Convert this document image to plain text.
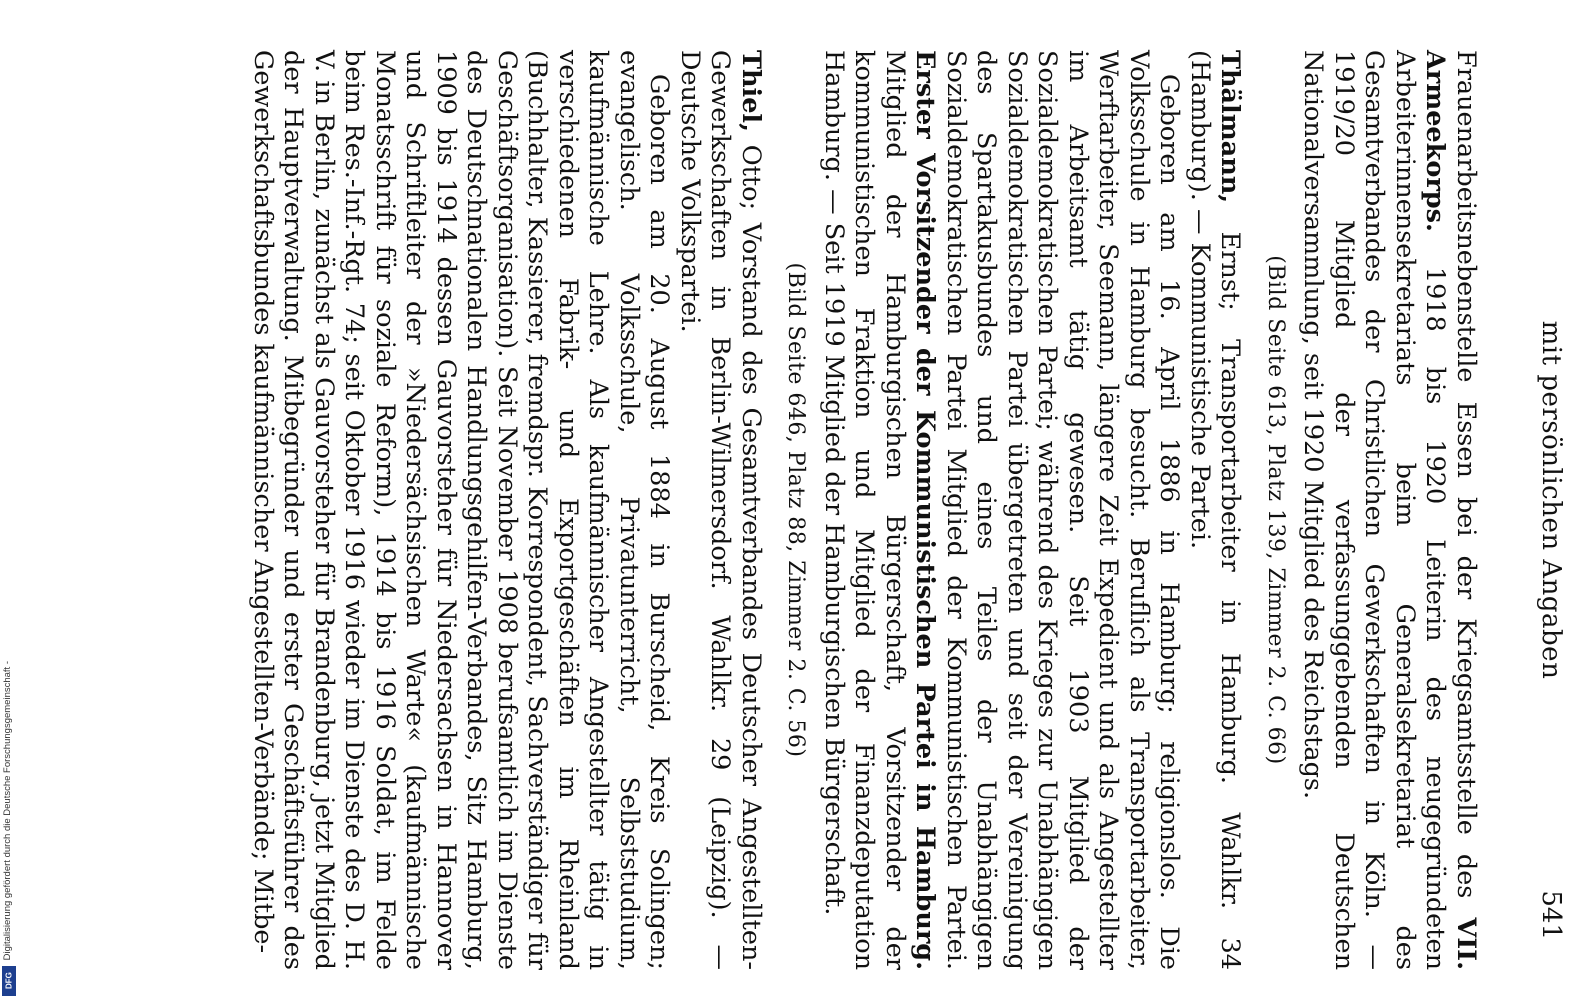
mit persönlichen Angaben
541

Frauenarbeitsnebenstelle Essen bei der Kriegsamtsstelle des VII. Armeekorps. 1918 bis 1920 Leiterin des neugegründeten Arbeiterinnensekretariats beim Generalsekretariat des Gesamtverbandes der Christlichen Gewerkschaften in Köln. — 1919/20 Mitglied der verfassunggebenden Deutschen Nationalversammlung, seit 1920 Mitglied des Reichstags.

(Bild Seite 613, Platz 139, Zimmer 2. C. 66)

Thälmann, Ernst; Transportarbeiter in Hamburg. Wahlkr. 34 (Hamburg). — Kommunistische Partei.

Geboren am 16. April 1886 in Hamburg; religionslos. Die Volksschule in Hamburg besucht. Beruflich als Transportarbeiter, Werftarbeiter, Seemann, längere Zeit Expedient und als Angestellter im Arbeitsamt tätig gewesen. Seit 1903 Mitglied der Sozialdemokratischen Partei; während des Krieges zur Unabhängigen Sozialdemokratischen Partei übergetreten und seit der Vereinigung des Spartakusbundes und eines Teiles der Unabhängigen Sozialdemokratischen Partei Mitglied der Kommunistischen Partei. Erster Vorsitzender der Kommunistischen Partei in Hamburg. Mitglied der Hamburgischen Bürgerschaft, Vorsitzender der kommunistischen Fraktion und Mitglied der Finanzdeputation Hamburg. — Seit 1919 Mitglied der Hamburgischen Bürgerschaft.

(Bild Seite 646, Platz 88, Zimmer 2. C. 56)

Thiel, Otto; Vorstand des Gesamtverbandes Deutscher Angestellten-Gewerkschaften in Berlin-Wilmersdorf. Wahlkr. 29 (Leipzig). — Deutsche Volkspartei.

Geboren am 20. August 1884 in Burscheid, Kreis Solingen; evangelisch. Volksschule, Privatunterricht, Selbststudium, kaufmännische Lehre. Als kaufmännischer Angestellter tätig in verschiedenen Fabrik- und Exportgeschäften im Rheinland (Buchhalter, Kassierer, fremdspr. Korrespondent, Sachverständiger für Geschäftsorganisation). Seit November 1908 berufsamtlich im Dienste des Deutschnationalen Handlungsgehilfen-Verbandes, Sitz Hamburg, 1909 bis 1914 dessen Gauvorsteher für Niedersachsen in Hannover und Schriftleiter der »Niedersächsischen Warte« (kaufmännische Monatsschrift für soziale Reform), 1914 bis 1916 Soldat, im Felde beim Res.-Inf.-Rgt. 74; seit Oktober 1916 wieder im Dienste des D. H. V. in Berlin, zunächst als Gauvorsteher für Brandenburg, jetzt Mitglied der Hauptverwaltung. Mitbegründer und erster Geschäftsführer des Gewerkschaftsbundes kaufmännischer Angestellten-Verbände; Mitbe-

Digitalisierung gefördert durch die Deutsche Forschungsgemeinschaft -
DFG
